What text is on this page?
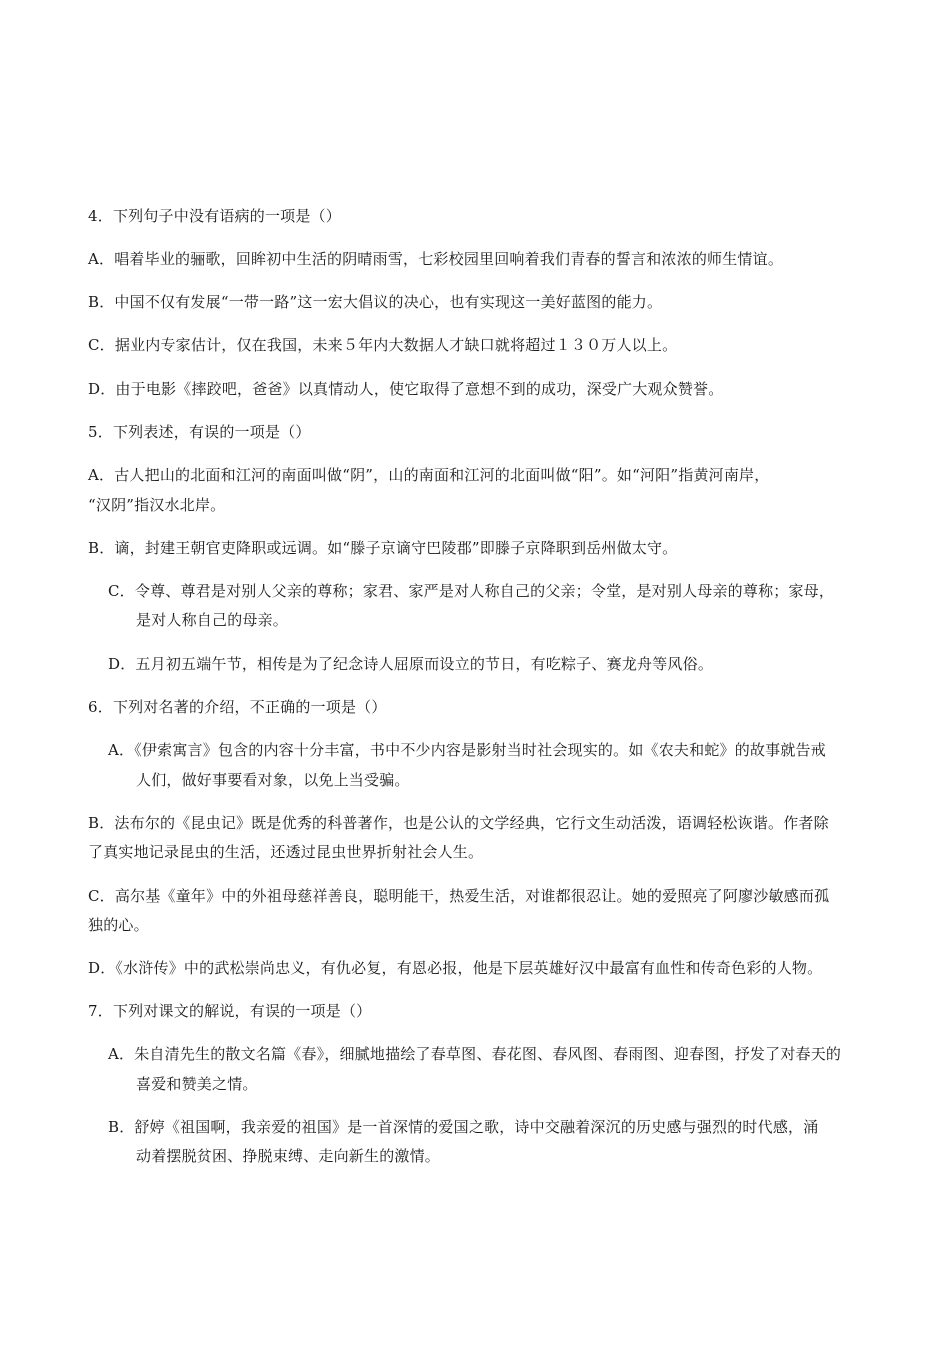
4．下列句子中没有语病的一项是（）
A．唱着毕业的骊歌，回眸初中生活的阴晴雨雪，七彩校园里回响着我们青春的誓言和浓浓的师生情谊。
B．中国不仅有发展“一带一路”这一宏大倡议的决心，也有实现这一美好蓝图的能力。
C．据业内专家估计，仅在我国，未来５年内大数据人才缺口就将超过１３０万人以上。
D．由于电影《摔跤吧，爸爸》以真情动人，使它取得了意想不到的成功，深受广大观众赞誉。
5．下列表述，有误的一项是（）
A．古人把山的北面和江河的南面叫做“阴”，山的南面和江河的北面叫做“阳”。如“河阳”指黄河南岸，
“汉阴”指汉水北岸。
B．谪，封建王朝官吏降职或远调。如“滕子京谪守巴陵郡”即滕子京降职到岳州做太守。
C．令尊、尊君是对别人父亲的尊称；家君、家严是对人称自己的父亲；令堂，是对别人母亲的尊称；家母，
是对人称自己的母亲。
D．五月初五端午节，相传是为了纪念诗人屈原而设立的节日，有吃粽子、赛龙舟等风俗。
6．下列对名著的介绍，不正确的一项是（）
A．《伊索寓言》包含的内容十分丰富，书中不少内容是影射当时社会现实的。如《农夫和蛇》的故事就告戒
人们，做好事要看对象，以免上当受骗。
B．法布尔的《昆虫记》既是优秀的科普著作，也是公认的文学经典，它行文生动活泼，语调轻松诙谐。作者除
了真实地记录昆虫的生活，还透过昆虫世界折射社会人生。
C．高尔基《童年》中的外祖母慈祥善良，聪明能干，热爱生活，对谁都很忍让。她的爱照亮了阿廖沙敏感而孤
独的心。
D．《水浒传》中的武松崇尚忠义，有仇必复，有恩必报，他是下层英雄好汉中最富有血性和传奇色彩的人物。
7．下列对课文的解说，有误的一项是（）
A．朱自清先生的散文名篇《春》，细腻地描绘了春草图、春花图、春风图、春雨图、迎春图，抒发了对春天的
喜爱和赞美之情。
B．舒婷《祖国啊，我亲爱的祖国》是一首深情的爱国之歌，诗中交融着深沉的历史感与强烈的时代感，涌
动着摆脱贫困、挣脱束缚、走向新生的激情。
